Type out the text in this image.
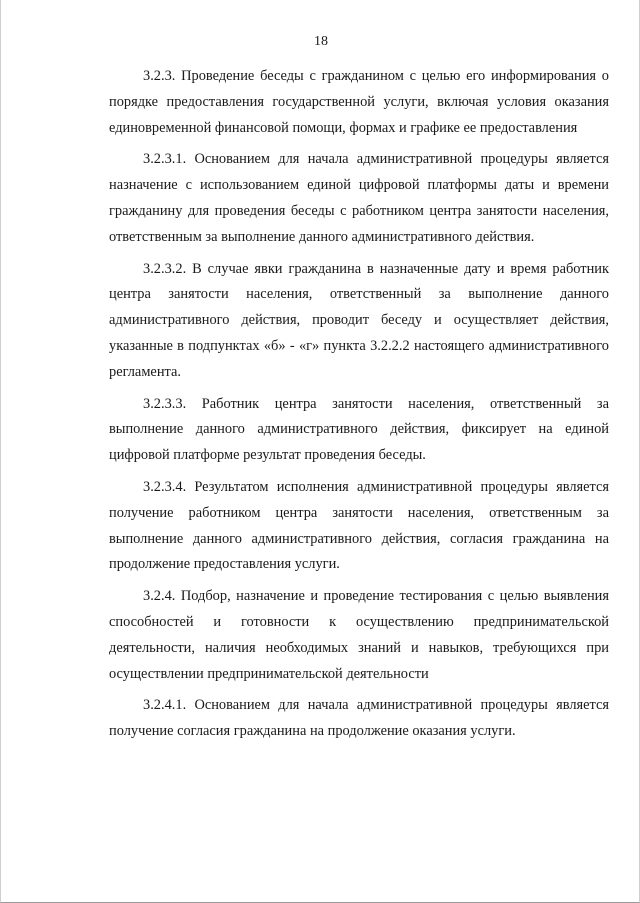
18

3.2.3. Проведение беседы с гражданином с целью его информирования о порядке предоставления государственной услуги, включая условия оказания единовременной финансовой помощи, формах и графике ее предоставления

3.2.3.1. Основанием для начала административной процедуры является назначение с использованием единой цифровой платформы даты и времени гражданину для проведения беседы с работником центра занятости населения, ответственным за выполнение данного административного действия.

3.2.3.2. В случае явки гражданина в назначенные дату и время работник центра занятости населения, ответственный за выполнение данного административного действия, проводит беседу и осуществляет действия, указанные в подпунктах «б» - «г» пункта 3.2.2.2 настоящего административного регламента.

3.2.3.3. Работник центра занятости населения, ответственный за выполнение данного административного действия, фиксирует на единой цифровой платформе результат проведения беседы.

3.2.3.4. Результатом исполнения административной процедуры является получение работником центра занятости населения, ответственным за выполнение данного административного действия, согласия гражданина на продолжение предоставления услуги.

3.2.4. Подбор, назначение и проведение тестирования с целью выявления способностей и готовности к осуществлению предпринимательской деятельности, наличия необходимых знаний и навыков, требующихся при осуществлении предпринимательской деятельности

3.2.4.1. Основанием для начала административной процедуры является получение согласия гражданина на продолжение оказания услуги.
